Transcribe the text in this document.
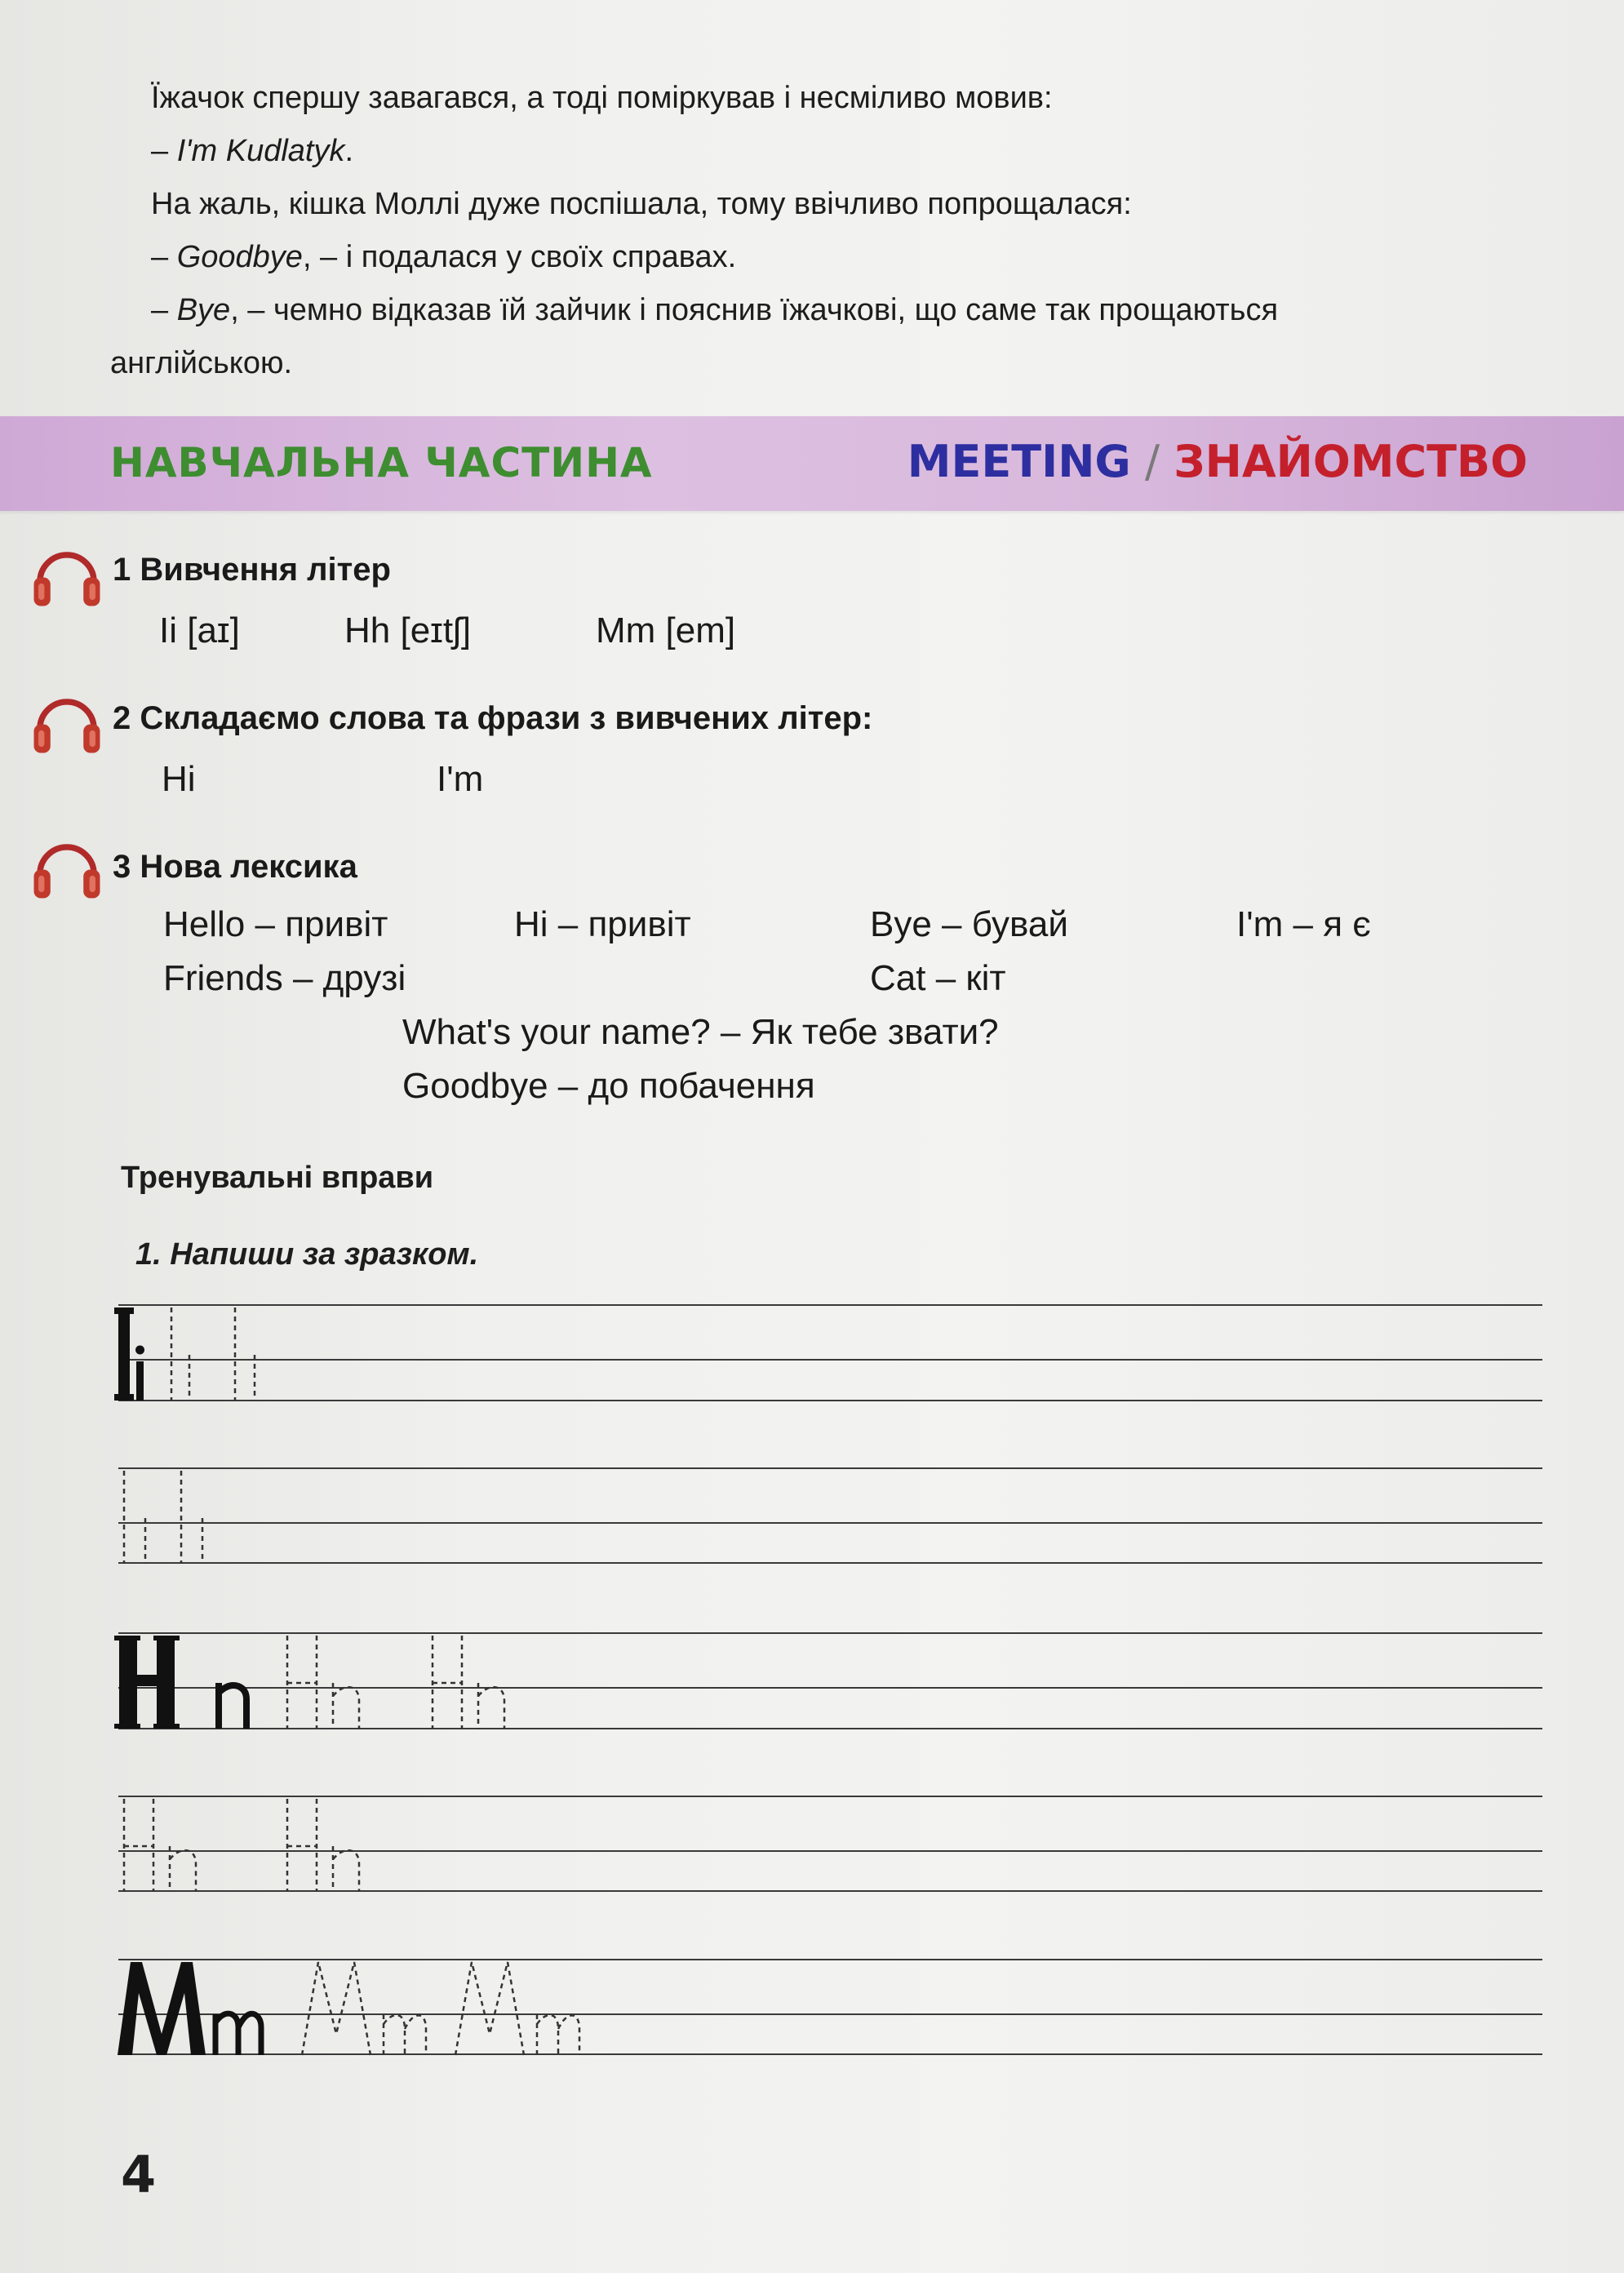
Їжачок спершу завагався, а тоді поміркував і несміливо мовив:

– I'm Kudlatyk.

На жаль, кішка Моллі дуже поспішала, тому ввічливо попрощалася:

– Goodbye, – і подалася у своїх справах.

– Bye, – чемно відказав їй зайчик і пояснив їжачкові, що саме так прощаються

англійською.

НАВЧАЛЬНА ЧАСТИНА	MEETING / ЗНАЙОМСТВО
1 Вивчення літер
Ii [aɪ]	Hh [eɪtʃ]	Mm [em]
2 Складаємо слова та фрази з вивчених літер:
Hi	I'm
3 Нова лексика
Hello – привіт	Hi – привіт	Bye – бувай	I'm – я є
Friends – друзі	Cat – кіт
What's your name? – Як тебе звати?
Goodbye – до побачення
Тренувальні вправи
1. Напиши за зразком.
4
